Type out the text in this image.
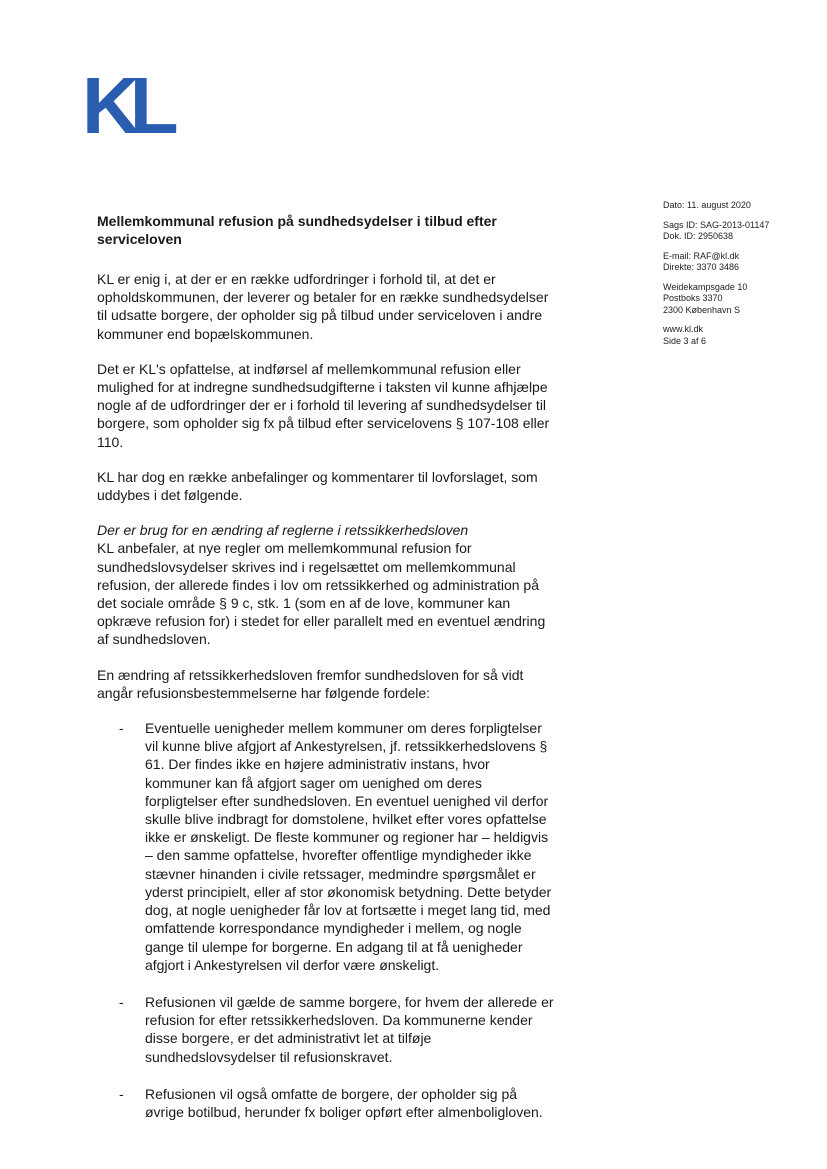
KL
Dato: 11. august 2020
Sags ID: SAG-2013-01147
Dok. ID: 2950638
E-mail: RAF@kl.dk
Direkte: 3370 3486
Weidekampsgade 10
Postboks 3370
2300 København S
www.kl.dk
Side 3 af 6
Mellemkommunal refusion på sundhedsydelser i tilbud efter serviceloven

KL er enig i, at der er en række udfordringer i forhold til, at det er opholdskommunen, der leverer og betaler for en række sundhedsydelser til udsatte borgere, der opholder sig på tilbud under serviceloven i andre kommuner end bopælskommunen.

Det er KL's opfattelse, at indførsel af mellemkommunal refusion eller mulighed for at indregne sundhedsudgifterne i taksten vil kunne afhjælpe nogle af de udfordringer der er i forhold til levering af sundhedsydelser til borgere, som opholder sig fx på tilbud efter servicelovens § 107-108 eller 110.

KL har dog en række anbefalinger og kommentarer til lovforslaget, som uddybes i det følgende.

Der er brug for en ændring af reglerne i retssikkerhedsloven
KL anbefaler, at nye regler om mellemkommunal refusion for sundhedslovsydelser skrives ind i regelsættet om mellemkommunal refusion, der allerede findes i lov om retssikkerhed og administration på det sociale område § 9 c, stk. 1 (som en af de love, kommuner kan opkræve refusion for) i stedet for eller parallelt med en eventuel ændring af sundhedsloven.

En ændring af retssikkerhedsloven fremfor sundhedsloven for så vidt angår refusionsbestemmelserne har følgende fordele:

- Eventuelle uenigheder mellem kommuner om deres forpligtelser vil kunne blive afgjort af Ankestyrelsen, jf. retssikkerhedslovens § 61. Der findes ikke en højere administrativ instans, hvor kommuner kan få afgjort sager om uenighed om deres forpligtelser efter sundhedsloven. En eventuel uenighed vil derfor skulle blive indbragt for domstolene, hvilket efter vores opfattelse ikke er ønskeligt. De fleste kommuner og regioner har – heldigvis – den samme opfattelse, hvorefter offentlige myndigheder ikke stævner hinanden i civile retssager, medmindre spørgsmålet er yderst principielt, eller af stor økonomisk betydning. Dette betyder dog, at nogle uenigheder får lov at fortsætte i meget lang tid, med omfattende korrespondance myndigheder i mellem, og nogle gange til ulempe for borgerne. En adgang til at få uenigheder afgjort i Ankestyrelsen vil derfor være ønskeligt.
- Refusionen vil gælde de samme borgere, for hvem der allerede er refusion for efter retssikkerhedsloven. Da kommunerne kender disse borgere, er det administrativt let at tilføje sundhedslovsydelser til refusionskravet.
- Refusionen vil også omfatte de borgere, der opholder sig på øvrige botilbud, herunder fx boliger opført efter almenboligloven.
